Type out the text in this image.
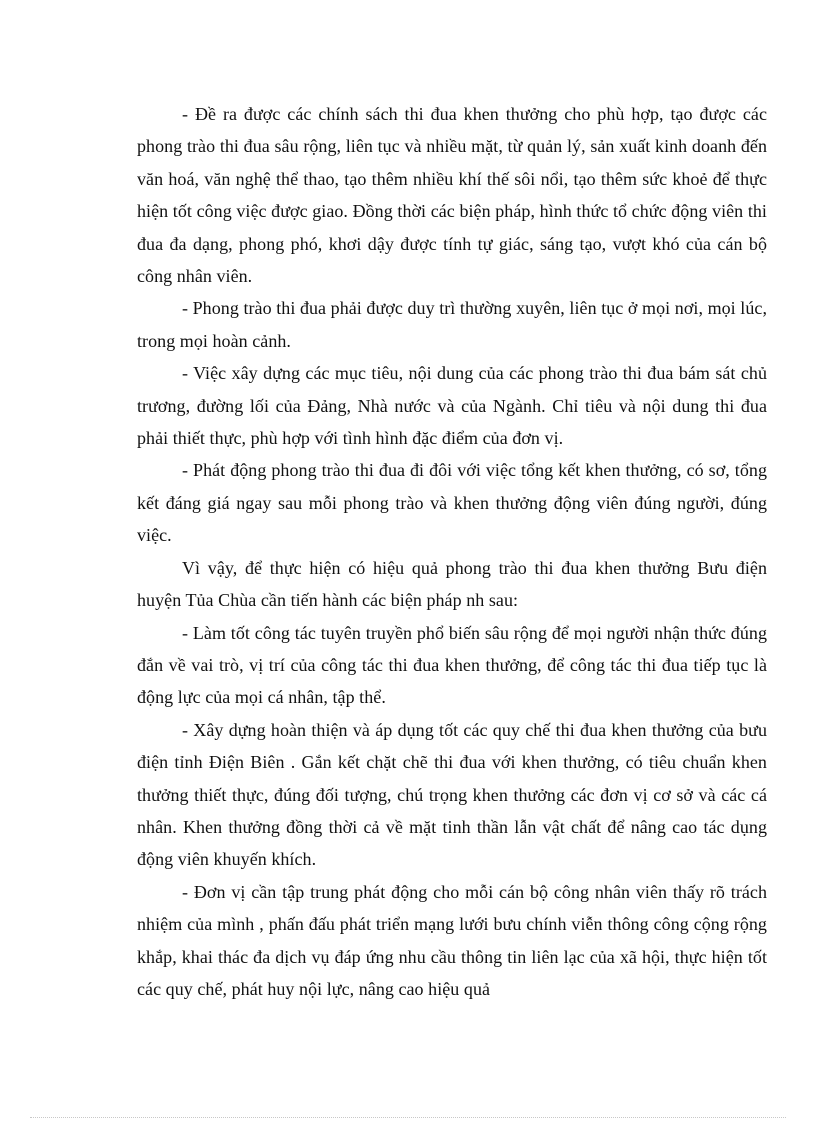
- Đề ra được các chính sách thi đua khen thưởng cho phù hợp, tạo được các phong trào thi đua sâu rộng, liên tục và nhiều mặt, từ quản lý, sản xuất kinh doanh đến văn hoá, văn nghệ thể thao, tạo thêm nhiều khí thế sôi nổi, tạo thêm sức khoẻ để thực hiện tốt công việc được giao. Đồng thời các biện pháp, hình thức tổ chức động viên thi đua đa dạng, phong phó, khơi dậy được tính tự giác, sáng tạo, vượt khó của cán bộ công nhân viên.

- Phong trào thi đua phải được duy trì thường xuyên, liên tục ở mọi nơi, mọi lúc, trong mọi hoàn cảnh.

- Việc xây dựng các mục tiêu, nội dung của các phong trào thi đua bám sát chủ trương, đường lối của Đảng, Nhà nước và của Ngành. Chỉ tiêu và nội dung thi đua phải thiết thực, phù hợp với tình hình đặc điểm của đơn vị.

- Phát động phong trào thi đua đi đôi với việc tổng kết khen thưởng, có sơ, tổng kết đáng giá ngay sau mỗi phong trào và khen thưởng động viên đúng người, đúng việc.

Vì vậy, để thực hiện có hiệu quả phong trào thi đua khen thưởng Bưu điện huyện Tủa Chùa cần tiến hành các biện pháp nh sau:

- Làm tốt công tác tuyên truyền phổ biến sâu rộng để mọi người nhận thức đúng đắn về vai trò, vị trí của công tác thi đua khen thưởng, để công tác thi đua tiếp tục là động lực của mọi cá nhân, tập thể.

- Xây dựng hoàn thiện và áp dụng tốt các quy chế thi đua khen thưởng của bưu điện tỉnh Điện Biên . Gắn kết chặt chẽ thi đua với khen thưởng, có tiêu chuẩn khen thưởng thiết thực, đúng đối tượng, chú trọng khen thưởng các đơn vị cơ sở và các cá nhân. Khen thưởng đồng thời cả về mặt tinh thần lẫn vật chất để nâng cao tác dụng động viên khuyến khích.

- Đơn vị cần tập trung phát động cho mỗi cán bộ công nhân viên thấy rõ trách nhiệm của mình , phấn đấu phát triển mạng lưới bưu chính viễn thông công cộng rộng khắp, khai thác đa dịch vụ đáp ứng nhu cầu thông tin liên lạc của xã hội, thực hiện tốt các quy chế, phát huy nội lực, nâng cao hiệu quả
